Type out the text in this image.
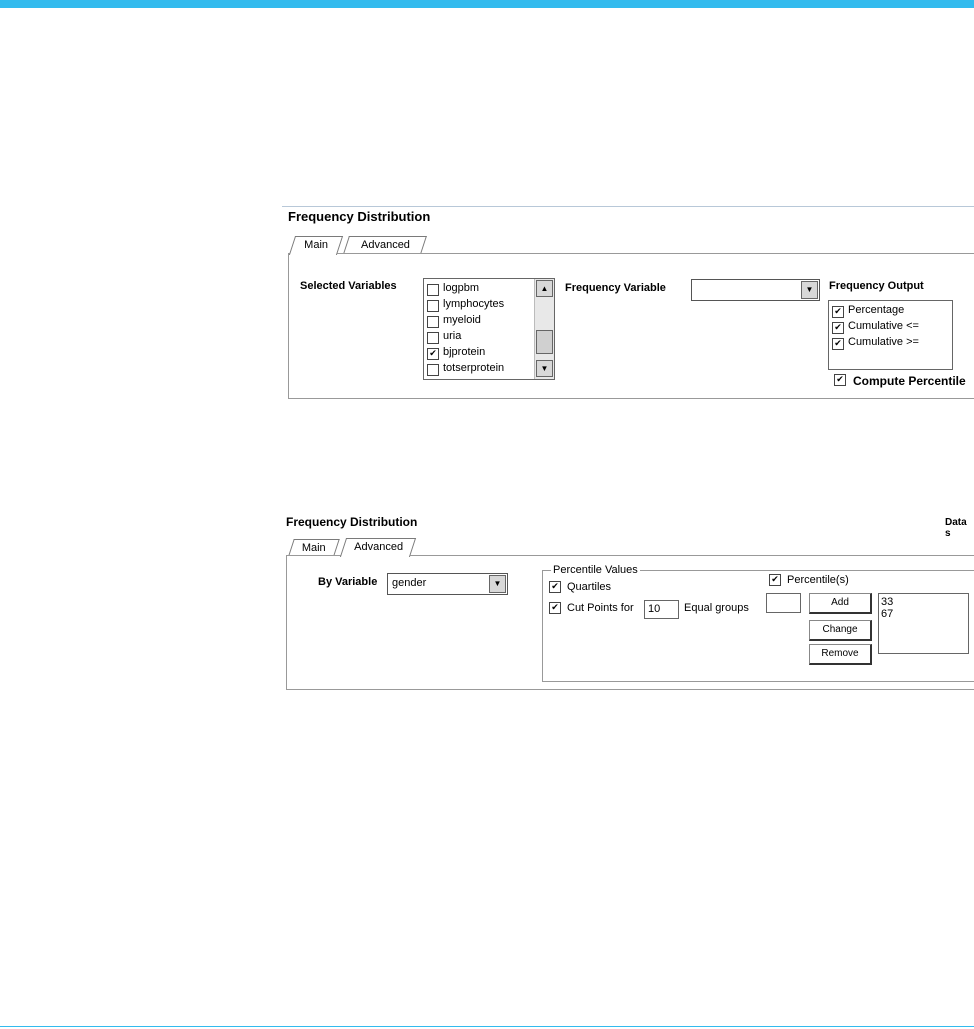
Frequency Distribution
Main	Advanced
Selected Variables	logpbm
lymphocytes
myeloid
uria
✔
bjprotein
totserprotein
▲
▼
Frequency Variable	▼	Frequency Output
✔
Percentage
✔
Cumulative <=
✔
Cumulative >=
✔
Compute Percentile
Frequency Distribution	Data s
Main	Advanced
By Variable gender	▼
Percentile Values
✔
Quartiles
✔
Cut Points for 10 Equal groups
✔
Percentile(s)
Add
Change
Remove
33
67
